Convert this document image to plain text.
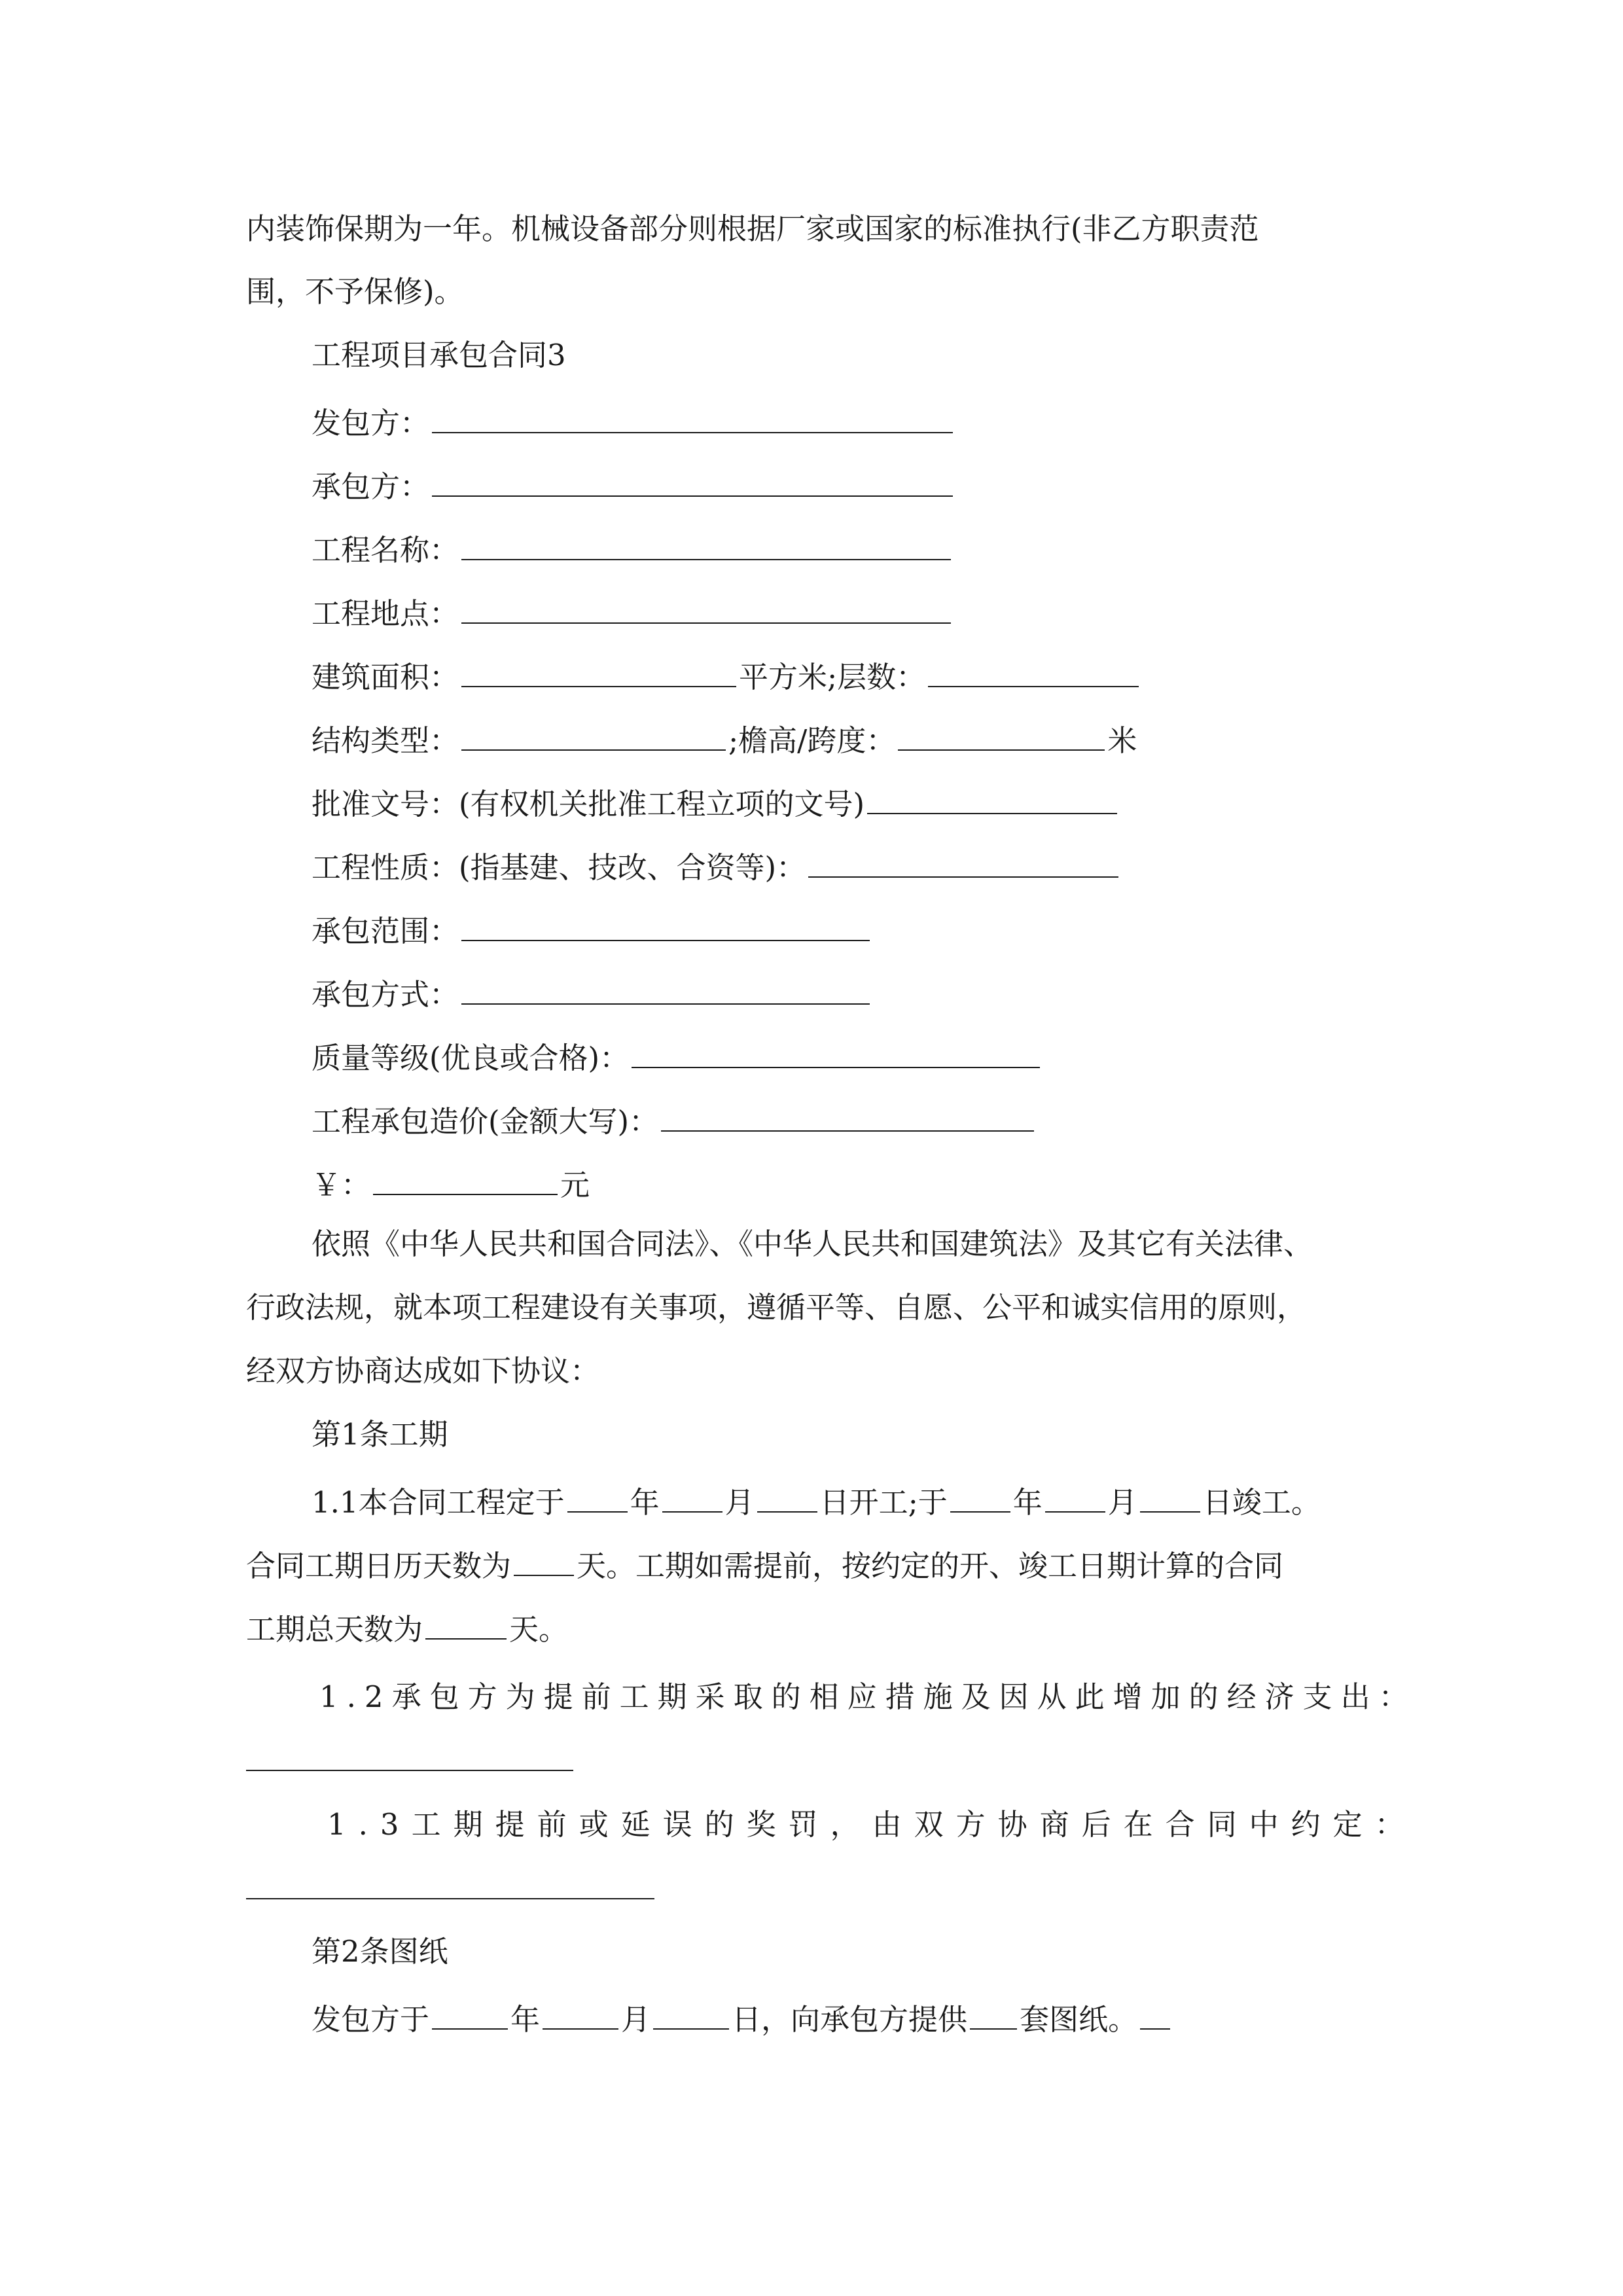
内装饰保期为一年。机械设备部分则根据厂家或国家的标准执行(非乙方职责范

围，不予保修)。

工程项目承包合同3

发包方：

承包方：

工程名称：

工程地点：

建筑面积：	平方米;层数：

结构类型：	;檐高/跨度：	米

批准文号：(有权机关批准工程立项的文号)

工程性质：(指基建、技改、合资等)：

承包范围：

承包方式：

质量等级(优良或合格)：

工程承包造价(金额大写)：

￥：	元

依照《中华人民共和国合同法》、《中华人民共和国建筑法》及其它有关法律、

行政法规，就本项工程建设有关事项，遵循平等、自愿、公平和诚实信用的原则，

经双方协商达成如下协议：

第1条工期

1.1本合同工程定于 年 月 日开工;于 年 月 日竣工。

合同工期日历天数为 天。工期如需提前，按约定的开、竣工日期计算的合同

工期总天数为	天。

1.2承包方为提前工期采取的相应措施及因从此增加的经济支出：

1.3工期提前或延误的奖罚，由双方协商后在合同中约定：

第2条图纸

发包方于	年	月	日，向承包方提供 套图纸。
